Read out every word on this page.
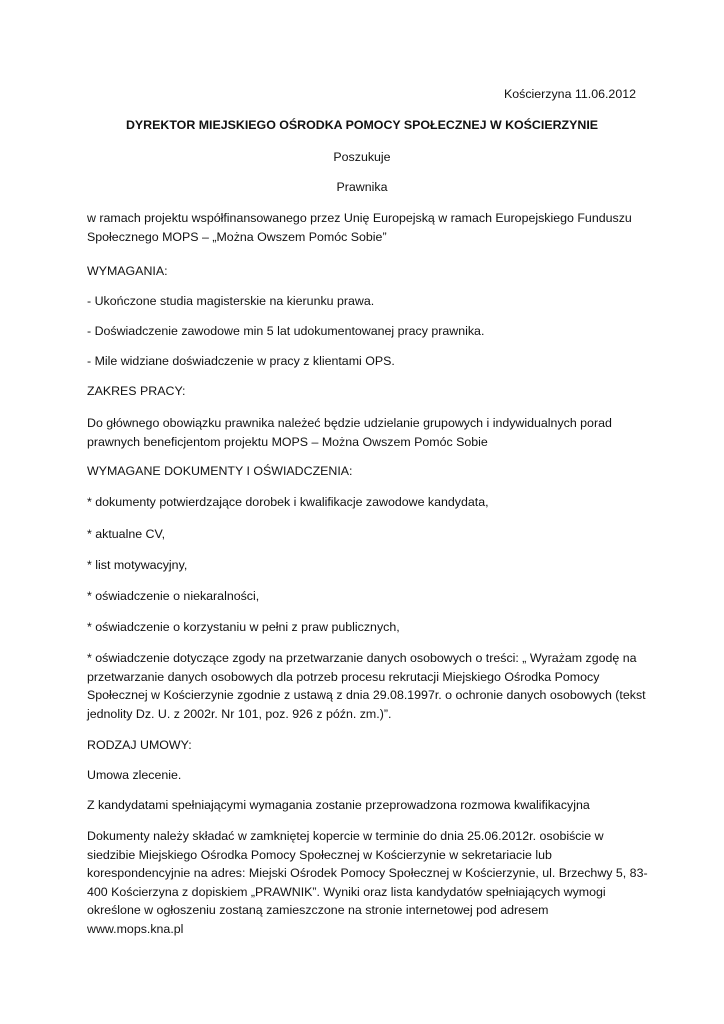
Kościerzyna 11.06.2012
DYREKTOR MIEJSKIEGO OŚRODKA POMOCY SPOŁECZNEJ W KOŚCIERZYNIE
Poszukuje
Prawnika
w ramach projektu współfinansowanego przez Unię Europejską w ramach Europejskiego Funduszu
Społecznego MOPS – „Można Owszem Pomóc Sobie”
WYMAGANIA:
- Ukończone studia magisterskie na kierunku prawa.
- Doświadczenie zawodowe min 5 lat udokumentowanej pracy prawnika.
- Mile widziane doświadczenie w pracy z klientami OPS.
ZAKRES PRACY:
Do głównego obowiązku prawnika należeć będzie udzielanie grupowych i indywidualnych porad
prawnych beneficjentom projektu MOPS – Można Owszem Pomóc Sobie
WYMAGANE DOKUMENTY I OŚWIADCZENIA:
* dokumenty potwierdzające dorobek i kwalifikacje zawodowe kandydata,
* aktualne CV,
* list motywacyjny,
* oświadczenie o niekaralności,
* oświadczenie o korzystaniu w pełni z praw publicznych,
* oświadczenie dotyczące zgody na przetwarzanie danych osobowych o treści: „ Wyrażam zgodę na
przetwarzanie danych osobowych dla potrzeb procesu rekrutacji Miejskiego Ośrodka Pomocy
Społecznej w Kościerzynie zgodnie z ustawą z dnia 29.08.1997r. o ochronie danych osobowych (tekst
jednolity Dz. U. z 2002r. Nr 101, poz. 926 z późn. zm.)”.
RODZAJ UMOWY:
Umowa zlecenie.
Z kandydatami spełniającymi wymagania zostanie przeprowadzona rozmowa kwalifikacyjna
Dokumenty należy składać w zamkniętej kopercie w terminie do dnia 25.06.2012r. osobiście w
siedzibie Miejskiego Ośrodka Pomocy Społecznej w Kościerzynie w sekretariacie lub
korespondencyjnie na adres: Miejski Ośrodek Pomocy Społecznej w Kościerzynie, ul. Brzechwy 5, 83-
400 Kościerzyna z dopiskiem „PRAWNIK”. Wyniki oraz lista kandydatów spełniających wymogi
określone w ogłoszeniu zostaną zamieszczone na stronie internetowej pod adresem
www.mops.kna.pl
